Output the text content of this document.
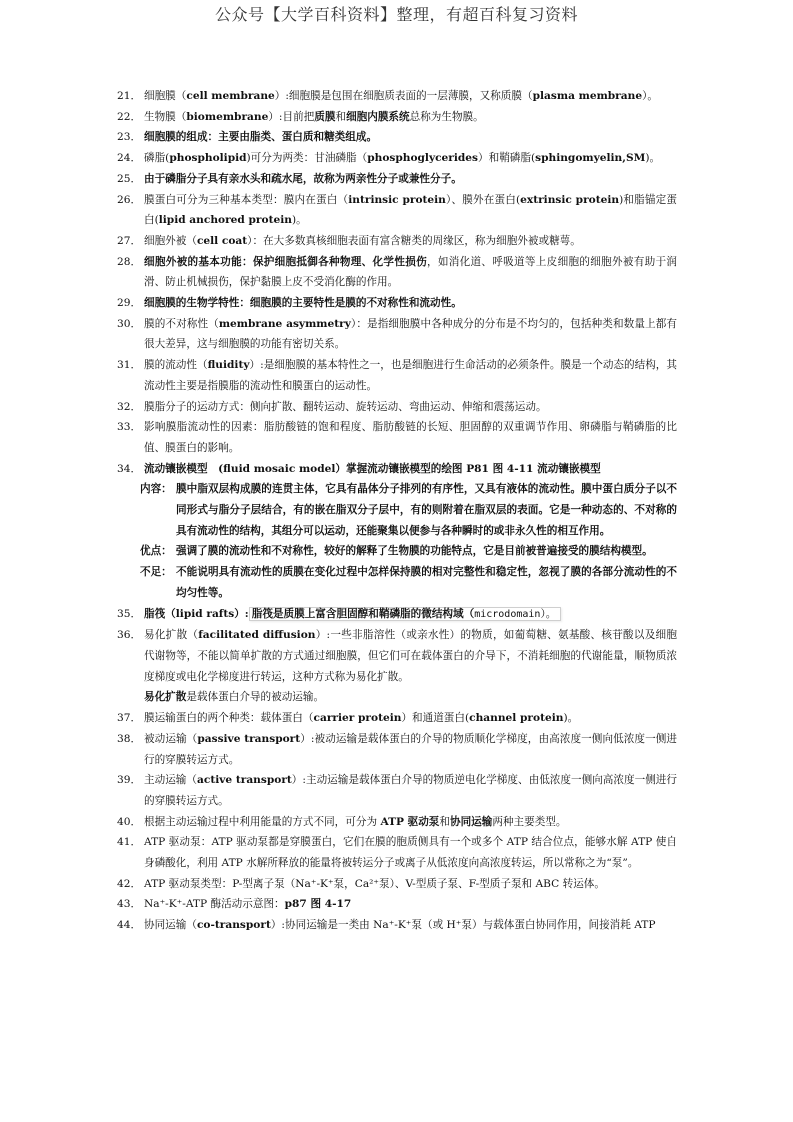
公众号【大学百科资料】整理，有超百科复习资料
21． 细胞膜（cell membrane）:细胞膜是包围在细胞质表面的一层薄膜，又称质膜（plasma membrane）。
22． 生物膜（biomembrane）:目前把质膜和细胞内膜系统总称为生物膜。
23． 细胞膜的组成：主要由脂类、蛋白质和糖类组成。
24． 磷脂(phospholipid)可分为两类：甘油磷脂（phosphoglycerides）和鞘磷脂(sphingomyelin,SM)。
25． 由于磷脂分子具有亲水头和疏水尾，故称为两亲性分子或兼性分子。
26． 膜蛋白可分为三种基本类型：膜内在蛋白（intrinsic protein）、膜外在蛋白(extrinsic protein)和脂锚定蛋白(lipid anchored protein)。
27． 细胞外被（cell coat）：在大多数真核细胞表面有富含糖类的周缘区，称为细胞外被或糖萼。
28． 细胞外被的基本功能：保护细胞抵御各种物理、化学性损伤，如消化道、呼吸道等上皮细胞的细胞外被有助于润滑、防止机械损伤，保护黏膜上皮不受消化酶的作用。
29． 细胞膜的生物学特性：细胞膜的主要特性是膜的不对称性和流动性。
30． 膜的不对称性（membrane asymmetry）：是指细胞膜中各种成分的分布是不均匀的，包括种类和数量上都有很大差异，这与细胞膜的功能有密切关系。
31． 膜的流动性（fluidity）:是细胞膜的基本特性之一，也是细胞进行生命活动的必须条件。膜是一个动态的结构，其流动性主要是指膜脂的流动性和膜蛋白的运动性。
32． 膜脂分子的运动方式：侧向扩散、翻转运动、旋转运动、弯曲运动、伸缩和震荡运动。
33． 影响膜脂流动性的因素：脂肪酸链的饱和程度、脂肪酸链的长短、胆固醇的双重调节作用、卵磷脂与鞘磷脂的比值、膜蛋白的影响。
34． 流动镶嵌模型　(fluid mosaic model）掌握流动镶嵌模型的绘图 P81 图 4-11 流动镶嵌模型
内容： 膜中脂双层构成膜的连贯主体，它具有晶体分子排列的有序性，又具有液体的流动性。膜中蛋白质分子以不同形式与脂分子层结合，有的嵌在脂双分子层中，有的则附着在脂双层的表面。它是一种动态的、不对称的具有流动性的结构，其组分可以运动，还能聚集以便参与各种瞬时的或非永久性的相互作用。
优点： 强调了膜的流动性和不对称性，较好的解释了生物膜的功能特点，它是目前被普遍接受的膜结构模型。
不足： 不能说明具有流动性的质膜在变化过程中怎样保持膜的相对完整性和稳定性，忽视了膜的各部分流动性的不均匀性等。
35． 脂筏（lipid rafts）: 脂筏是质膜上富含胆固醇和鞘磷脂的微结构域（microdomain）。
36． 易化扩散（facilitated diffusion）:一些非脂溶性（或亲水性）的物质，如葡萄糖、氨基酸、核苷酸以及细胞代谢物等，不能以简单扩散的方式通过细胞膜，但它们可在载体蛋白的介导下，不消耗细胞的代谢能量，顺物质浓度梯度或电化学梯度进行转运，这种方式称为易化扩散。
易化扩散是载体蛋白介导的被动运输。
37． 膜运输蛋白的两个种类：载体蛋白（carrier protein）和通道蛋白(channel protein)。
38． 被动运输（passive transport）:被动运输是载体蛋白的介导的物质顺化学梯度，由高浓度一侧向低浓度一侧进行的穿膜转运方式。
39． 主动运输（active transport）:主动运输是载体蛋白介导的物质逆电化学梯度、由低浓度一侧向高浓度一侧进行的穿膜转运方式。
40． 根据主动运输过程中利用能量的方式不同，可分为 ATP 驱动泵和协同运输两种主要类型。
41． ATP 驱动泵：ATP 驱动泵都是穿膜蛋白，它们在膜的胞质侧具有一个或多个 ATP 结合位点，能够水解 ATP 使自身磷酸化，利用 ATP 水解所释放的能量将被转运分子或离子从低浓度向高浓度转运，所以常称之为“泵”。
42． ATP 驱动泵类型：P-型离子泵（Na⁺-K⁺泵，Ca²⁺泵）、V-型质子泵、F-型质子泵和 ABC 转运体。
43． Na⁺-K⁺-ATP 酶活动示意图：p87 图 4-17
44． 协同运输（co-transport）:协同运输是一类由 Na⁺-K⁺泵（或 H⁺泵）与载体蛋白协同作用，间接消耗 ATP
